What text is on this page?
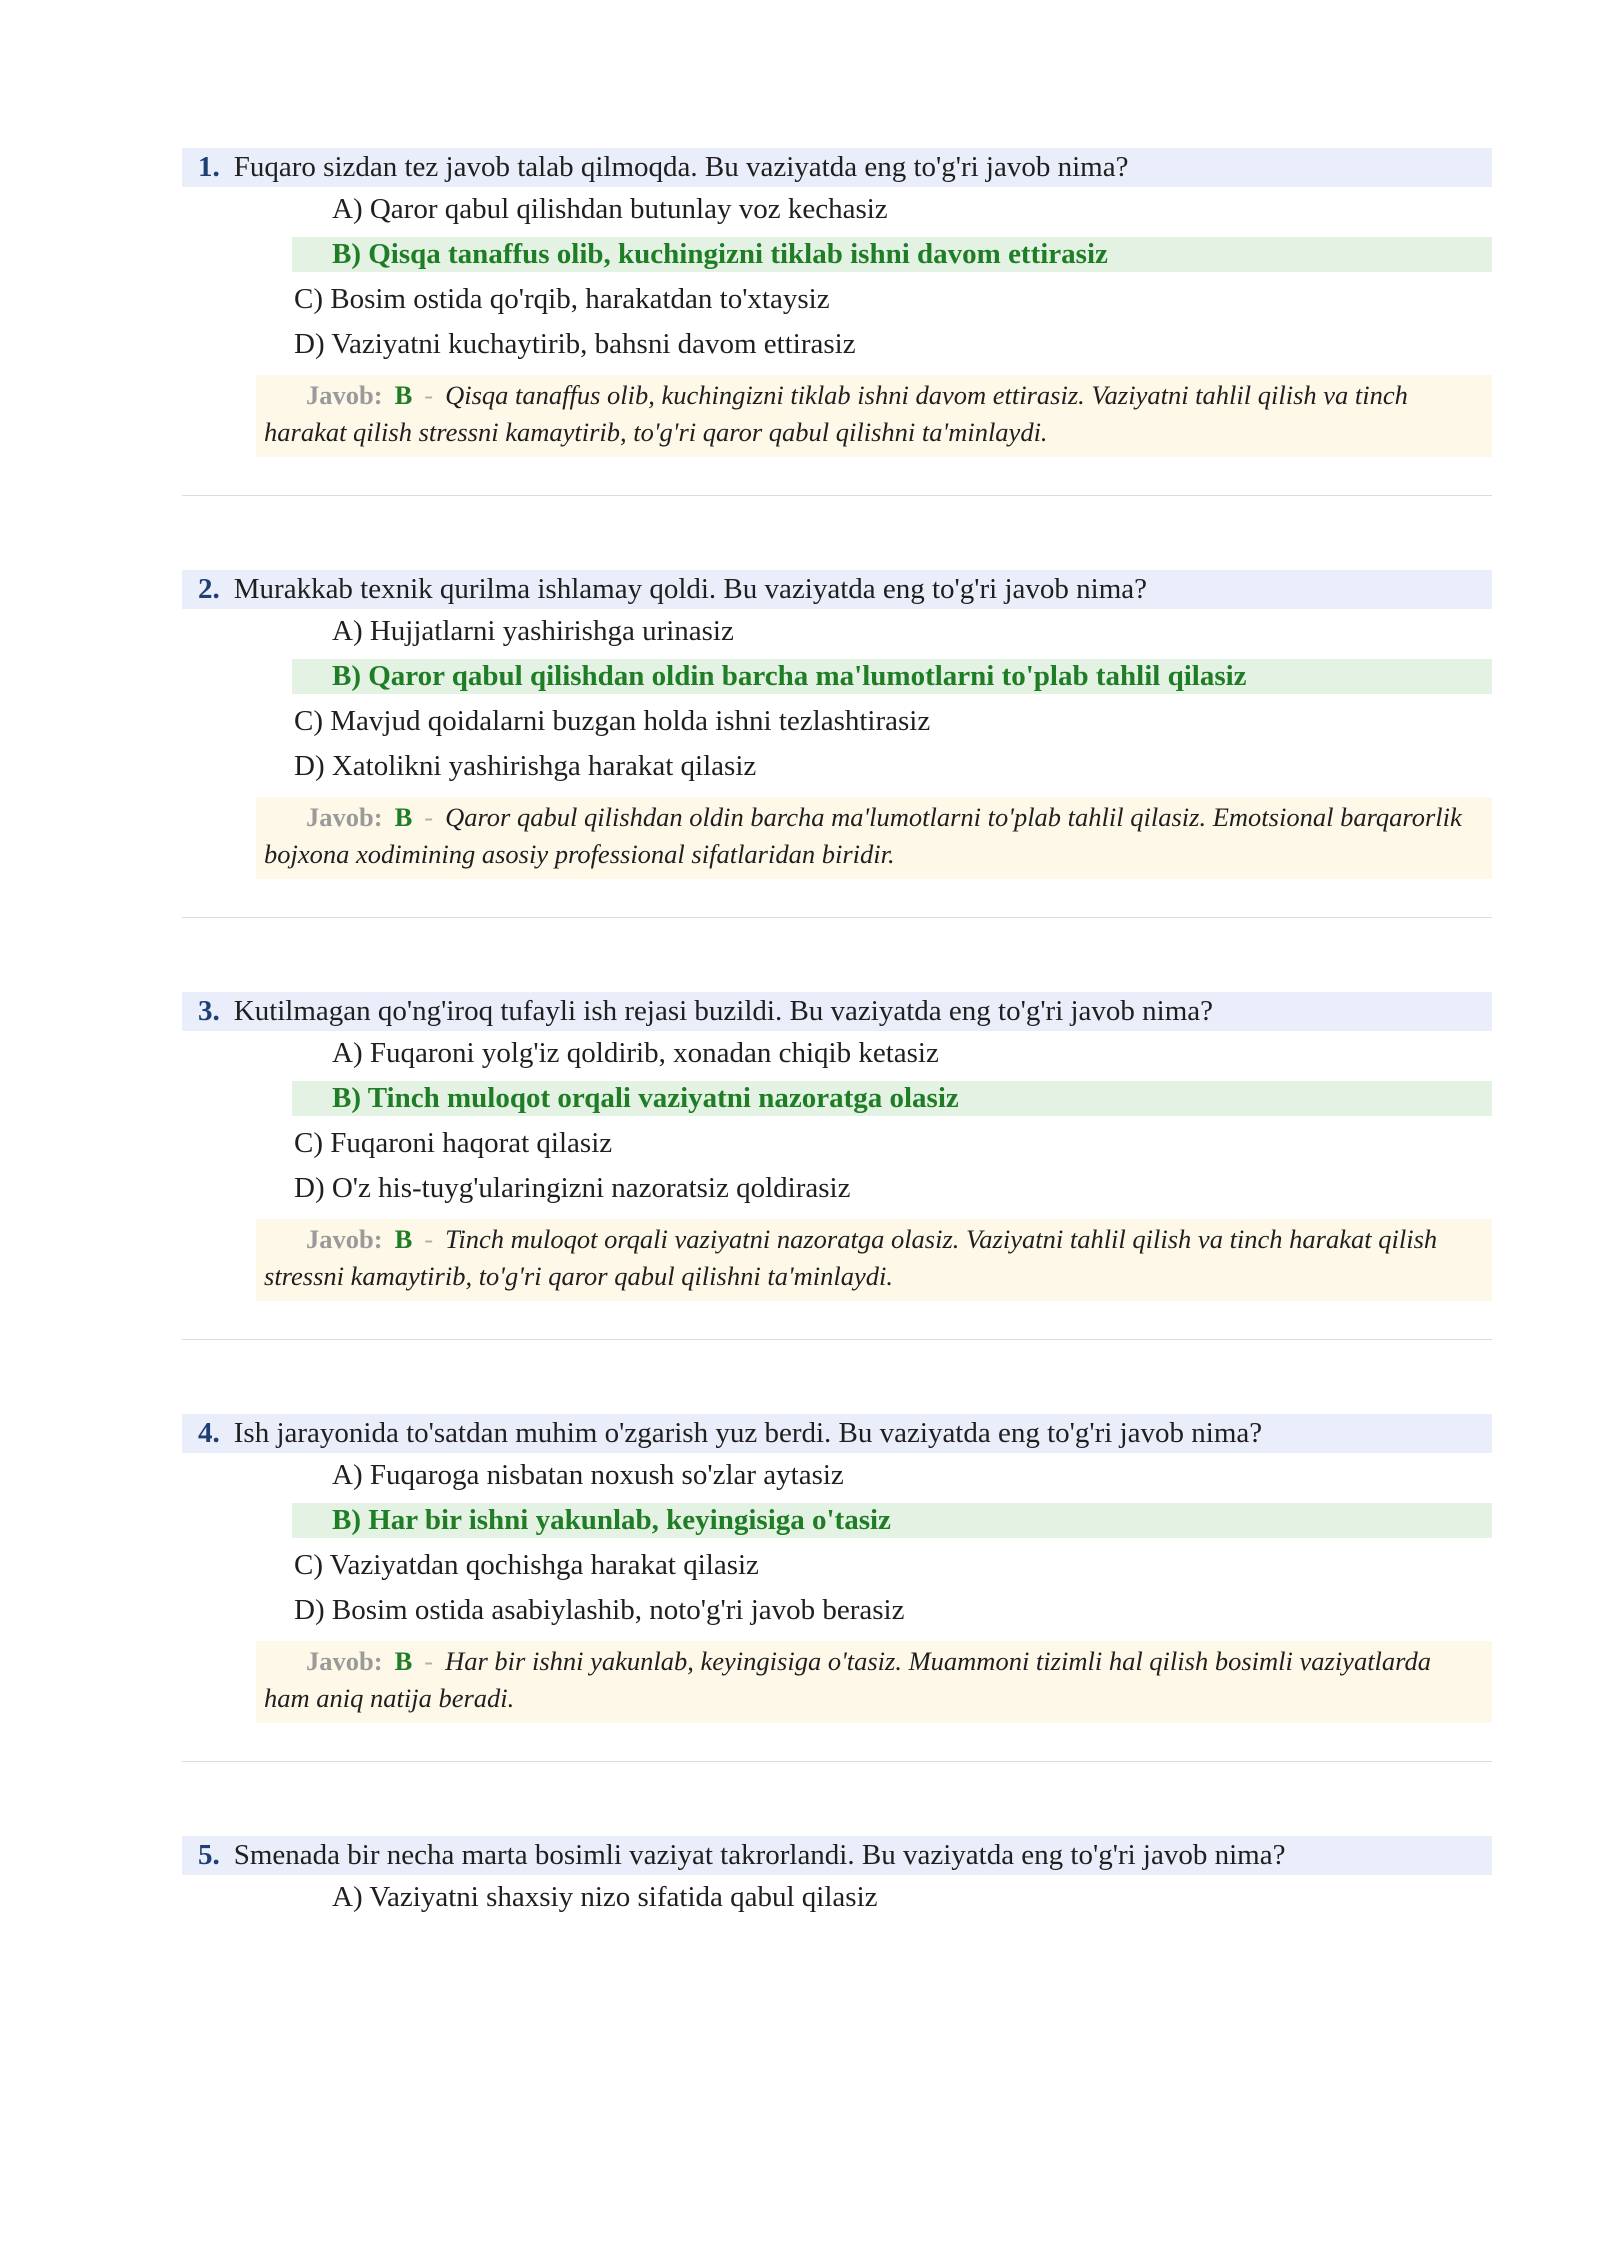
1. Fuqaro sizdan tez javob talab qilmoqda. Bu vaziyatda eng to'g'ri javob nima?
A) Qaror qabul qilishdan butunlay voz kechasiz
B) Qisqa tanaffus olib, kuchingizni tiklab ishni davom ettirasiz
C) Bosim ostida qo'rqib, harakatdan to'xtaysiz
D) Vaziyatni kuchaytirib, bahsni davom ettirasiz
Javob: B - Qisqa tanaffus olib, kuchingizni tiklab ishni davom ettirasiz. Vaziyatni tahlil qilish va tinch harakat qilish stressni kamaytirib, to'g'ri qaror qabul qilishni ta'minlaydi.
2. Murakkab texnik qurilma ishlamay qoldi. Bu vaziyatda eng to'g'ri javob nima?
A) Hujjatlarni yashirishga urinasiz
B) Qaror qabul qilishdan oldin barcha ma'lumotlarni to'plab tahlil qilasiz
C) Mavjud qoidalarni buzgan holda ishni tezlashtirasiz
D) Xatolikni yashirishga harakat qilasiz
Javob: B - Qaror qabul qilishdan oldin barcha ma'lumotlarni to'plab tahlil qilasiz. Emotsional barqarorlik bojxona xodimining asosiy professional sifatlaridan biridir.
3. Kutilmagan qo'ng'iroq tufayli ish rejasi buzildi. Bu vaziyatda eng to'g'ri javob nima?
A) Fuqaroni yolg'iz qoldirib, xonadan chiqib ketasiz
B) Tinch muloqot orqali vaziyatni nazoratga olasiz
C) Fuqaroni haqorat qilasiz
D) O'z his-tuyg'ularingizni nazoratsiz qoldirasiz
Javob: B - Tinch muloqot orqali vaziyatni nazoratga olasiz. Vaziyatni tahlil qilish va tinch harakat qilish stressni kamaytirib, to'g'ri qaror qabul qilishni ta'minlaydi.
4. Ish jarayonida to'satdan muhim o'zgarish yuz berdi. Bu vaziyatda eng to'g'ri javob nima?
A) Fuqaroga nisbatan noxush so'zlar aytasiz
B) Har bir ishni yakunlab, keyingisiga o'tasiz
C) Vaziyatdan qochishga harakat qilasiz
D) Bosim ostida asabiylashib, noto'g'ri javob berasiz
Javob: B - Har bir ishni yakunlab, keyingisiga o'tasiz. Muammoni tizimli hal qilish bosimli vaziyatlarda ham aniq natija beradi.
5. Smenada bir necha marta bosimli vaziyat takrorlandi. Bu vaziyatda eng to'g'ri javob nima?
A) Vaziyatni shaxsiy nizo sifatida qabul qilasiz
